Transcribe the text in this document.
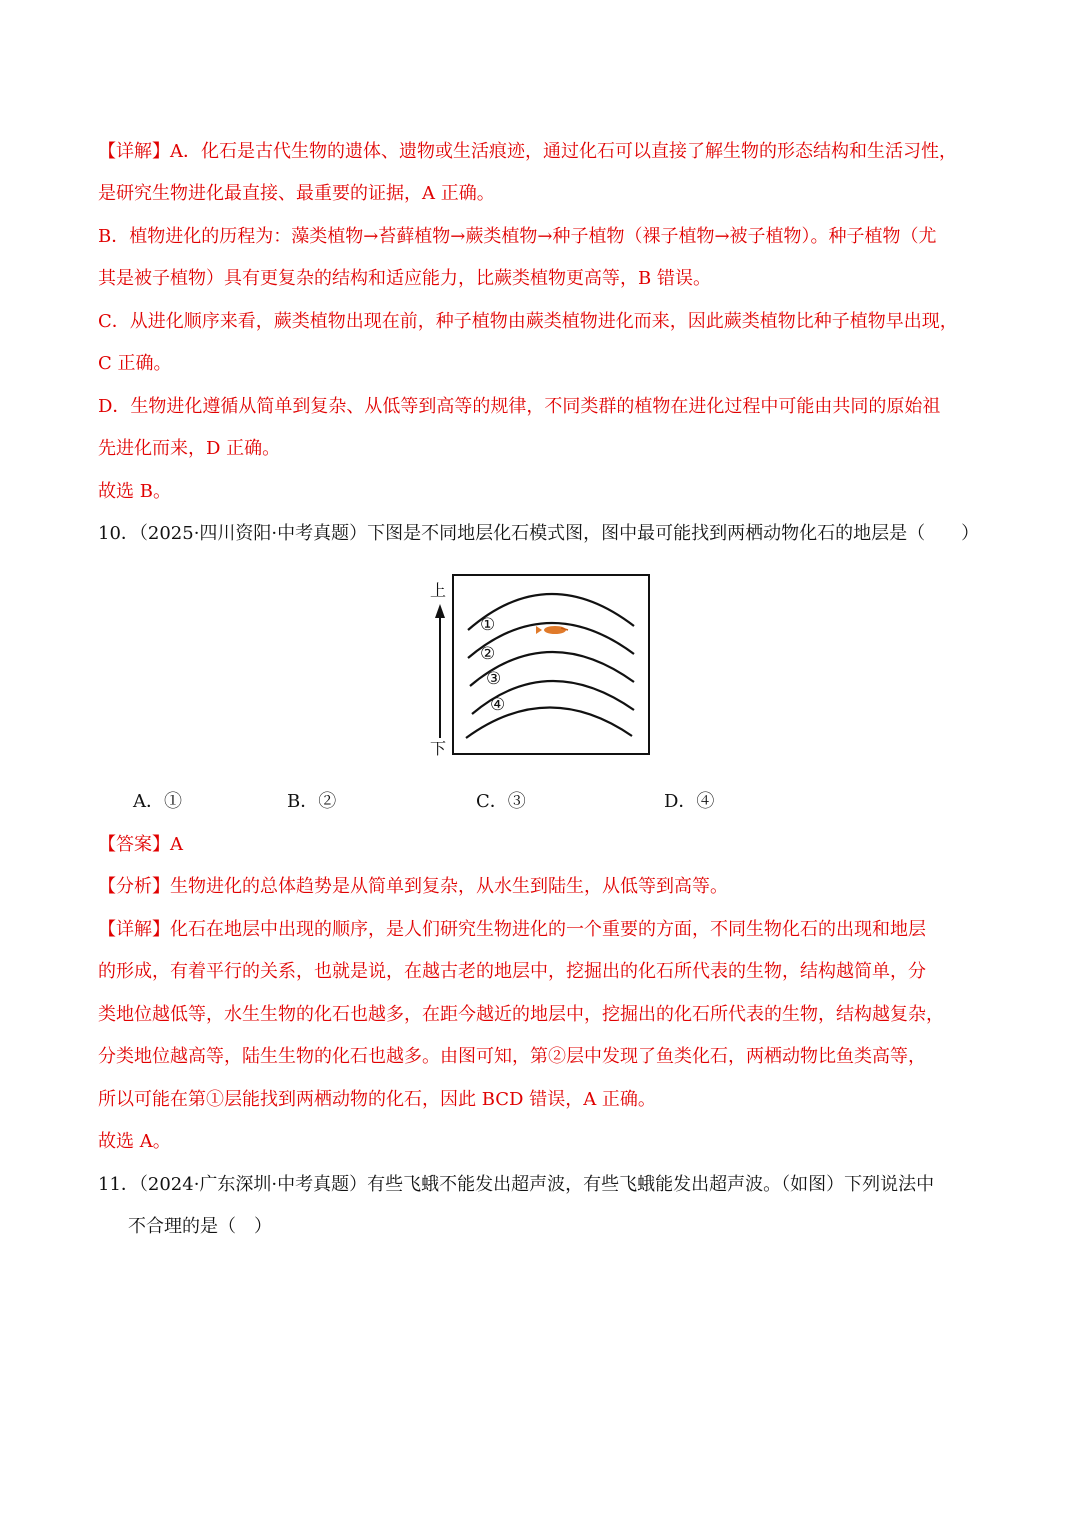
【详解】A．化石是古代生物的遗体、遗物或生活痕迹，通过化石可以直接了解生物的形态结构和生活习性，
是研究生物进化最直接、最重要的证据，A 正确。
B．植物进化的历程为：藻类植物→苔藓植物→蕨类植物→种子植物（裸子植物→被子植物）。种子植物（尤
其是被子植物）具有更复杂的结构和适应能力，比蕨类植物更高等，B 错误。
C．从进化顺序来看，蕨类植物出现在前，种子植物由蕨类植物进化而来，因此蕨类植物比种子植物早出现，
C 正确。
D．生物进化遵循从简单到复杂、从低等到高等的规律，不同类群的植物在进化过程中可能由共同的原始祖
先进化而来，D 正确。
故选 B。
10．（2025·四川资阳·中考真题）下图是不同地层化石模式图，图中最可能找到两栖动物化石的地层是（　　）
上
下
①
②
③
④
A．①	B．②	C．③	D．④
【答案】A
【分析】生物进化的总体趋势是从简单到复杂，从水生到陆生，从低等到高等。
【详解】化石在地层中出现的顺序，是人们研究生物进化的一个重要的方面，不同生物化石的出现和地层
的形成，有着平行的关系，也就是说，在越古老的地层中，挖掘出的化石所代表的生物，结构越简单，分
类地位越低等，水生生物的化石也越多，在距今越近的地层中，挖掘出的化石所代表的生物，结构越复杂，
分类地位越高等，陆生生物的化石也越多。由图可知，第②层中发现了鱼类化石，两栖动物比鱼类高等，
所以可能在第①层能找到两栖动物的化石，因此 BCD 错误，A 正确。
故选 A。
11．（2024·广东深圳·中考真题）有些飞蛾不能发出超声波，有些飞蛾能发出超声波。（如图）下列说法中
不合理的是（　）
